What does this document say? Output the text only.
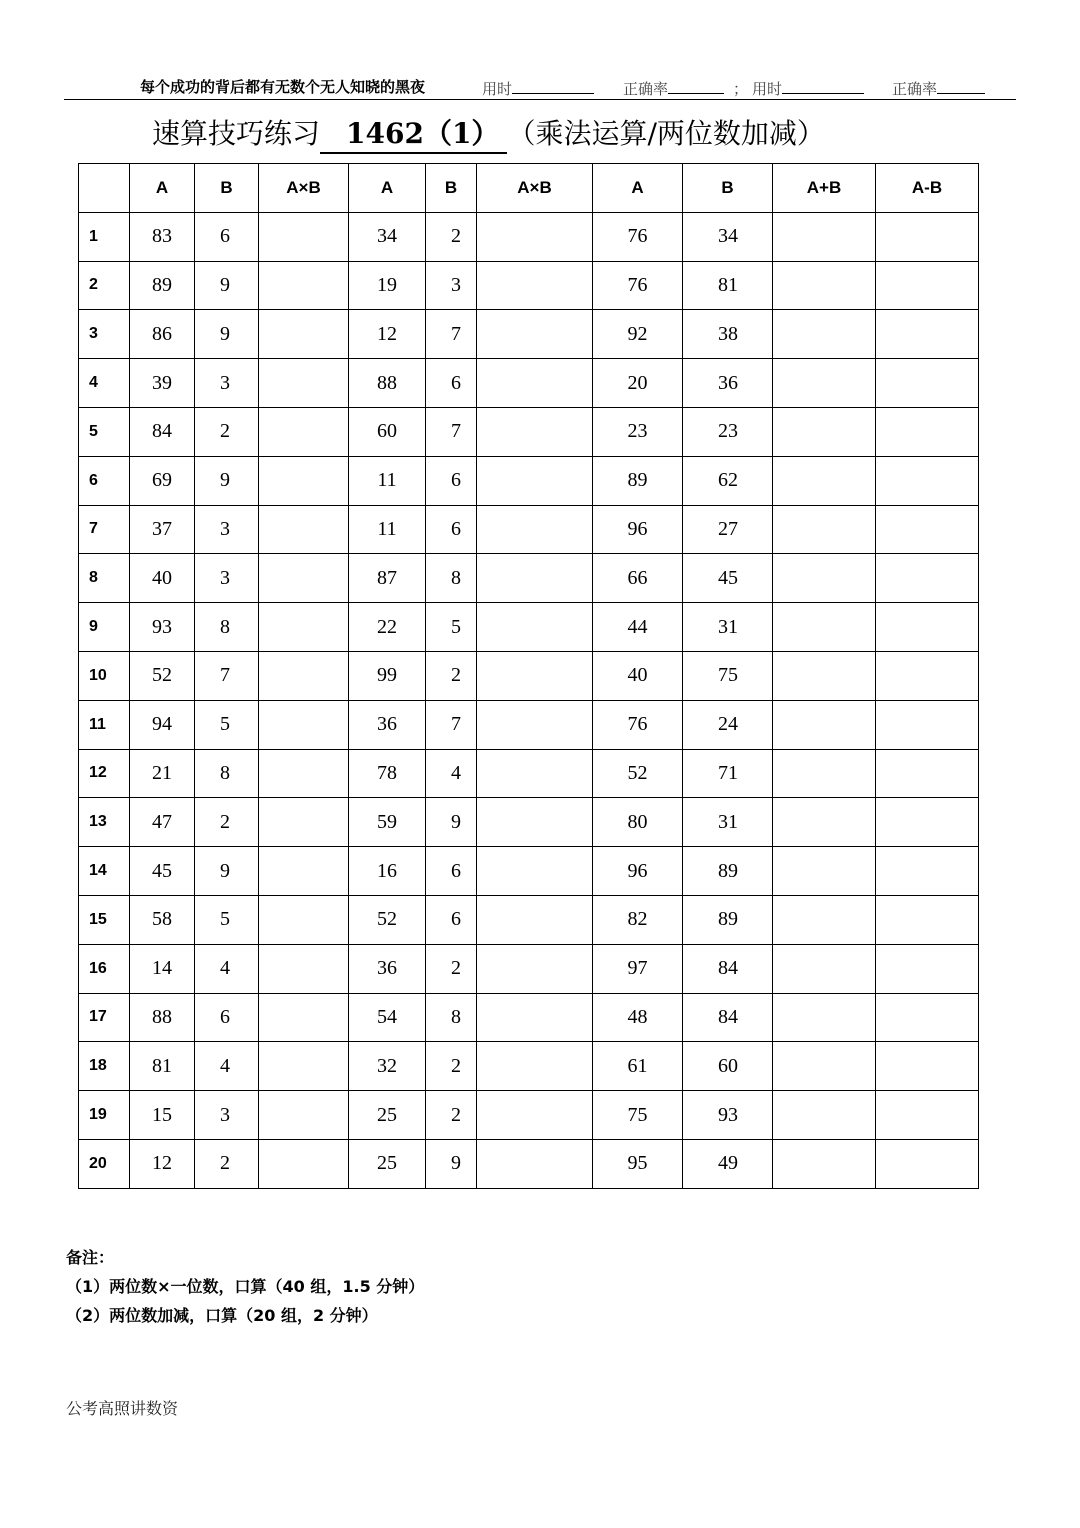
每个成功的背后都有无数个无人知晓的黑夜	用时	正确率	； 用时	正确率
速算技巧练习 1462（1） （乘法运算/两位数加减）
	A	B	A×B	A	B	A×B	A	B	A+B	A-B
1	83	6		34	2		76	34		
2	89	9		19	3		76	81		
3	86	9		12	7		92	38		
4	39	3		88	6		20	36		
5	84	2		60	7		23	23		
6	69	9		11	6		89	62		
7	37	3		11	6		96	27		
8	40	3		87	8		66	45		
9	93	8		22	5		44	31		
10	52	7		99	2		40	75		
11	94	5		36	7		76	24		
12	21	8		78	4		52	71		
13	47	2		59	9		80	31		
14	45	9		16	6		96	89		
15	58	5		52	6		82	89		
16	14	4		36	2		97	84		
17	88	6		54	8		48	84		
18	81	4		32	2		61	60		
19	15	3		25	2		75	93		
20	12	2		25	9		95	49		
备注：
（1）两位数×一位数，口算（40 组，1.5 分钟）
（2）两位数加减，口算（20 组，2 分钟）
公考高照讲数资
